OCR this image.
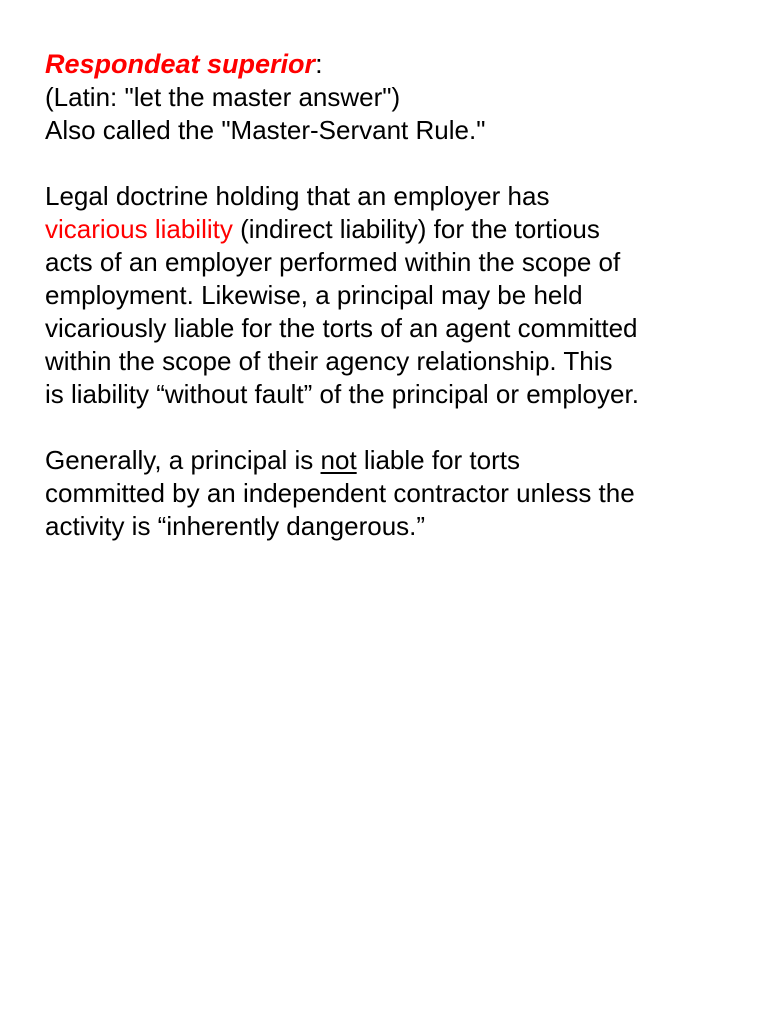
Respondeat superior:
(Latin: "let the master answer")
Also called the "Master-Servant Rule."
Legal doctrine holding that an employer has
vicarious liability (indirect liability) for the tortious
acts of an employer performed within the scope of
employment. Likewise, a principal may be held
vicariously liable for the torts of an agent committed
within the scope of their agency relationship. This
is liability “without fault” of the principal or employer.
Generally, a principal is not liable for torts
committed by an independent contractor unless the
activity is “inherently dangerous.”
